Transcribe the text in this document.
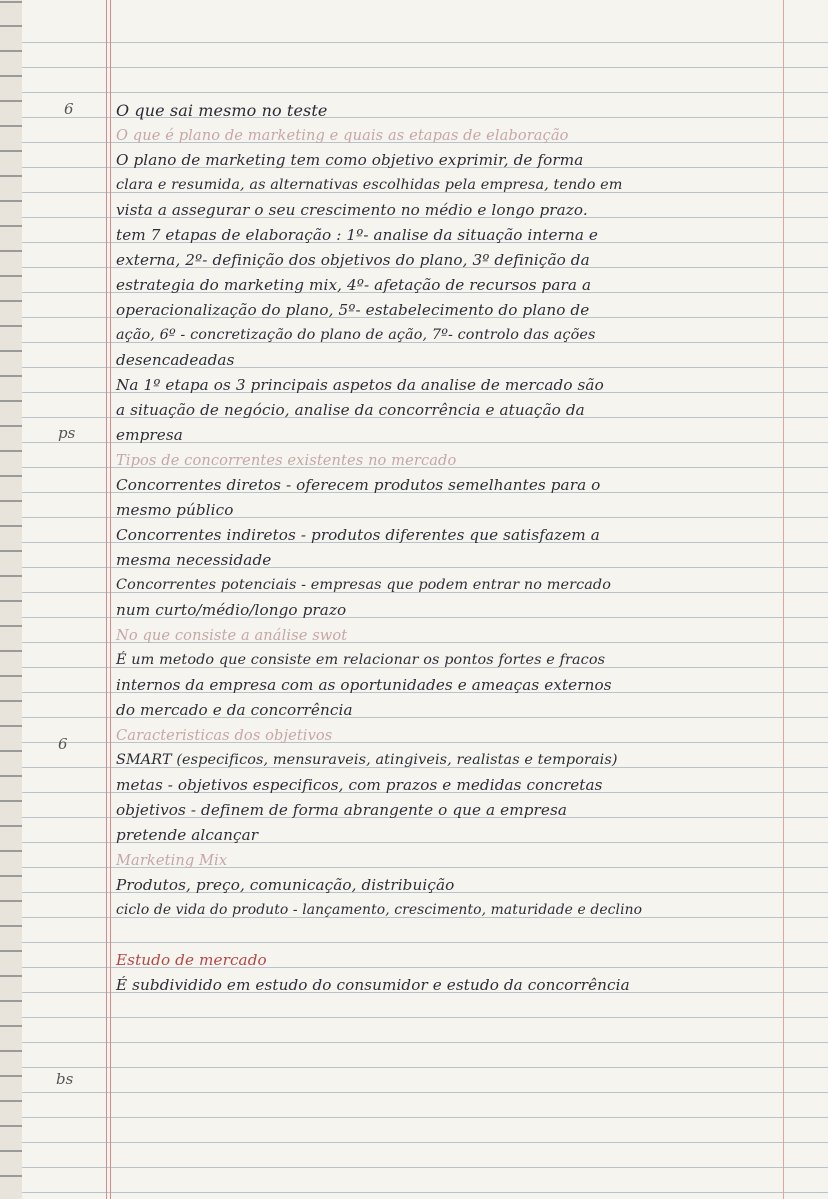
6
ps
6
bs
O que sai mesmo no teste
O que é plano de marketing e quais as etapas de elaboração
O plano de marketing tem como objetivo exprimir, de forma
clara e resumida, as alternativas escolhidas pela empresa, tendo em
vista a assegurar o seu crescimento no médio e longo prazo.
tem 7 etapas de elaboração : 1º- analise da situação interna e
externa, 2º- definição dos objetivos do plano, 3º definição da
estrategia do marketing mix, 4º- afetação de recursos para a
operacionalização do plano, 5º- estabelecimento do plano de
ação, 6º - concretização do plano de ação, 7º- controlo das ações
desencadeadas
Na 1º etapa os 3 principais aspetos da analise de mercado são
a situação de negócio, analise da concorrência e atuação da
empresa
Tipos de concorrentes existentes no mercado
Concorrentes diretos - oferecem produtos semelhantes para o
mesmo público
Concorrentes indiretos - produtos diferentes que satisfazem a
mesma necessidade
Concorrentes potenciais - empresas que podem entrar no mercado
num curto/médio/longo prazo
No que consiste a análise swot
É um metodo que consiste em relacionar os pontos fortes e fracos
internos da empresa com as oportunidades e ameaças externos
do mercado e da concorrência
Caracteristicas dos objetivos
SMART (especificos, mensuraveis, atingiveis, realistas e temporais)
metas - objetivos especificos, com prazos e medidas concretas
objetivos - definem de forma abrangente o que a empresa
pretende alcançar
Marketing Mix
Produtos, preço, comunicação, distribuição
ciclo de vida do produto - lançamento, crescimento, maturidade e declino
Estudo de mercado
É subdividido em estudo do consumidor e estudo da concorrência
